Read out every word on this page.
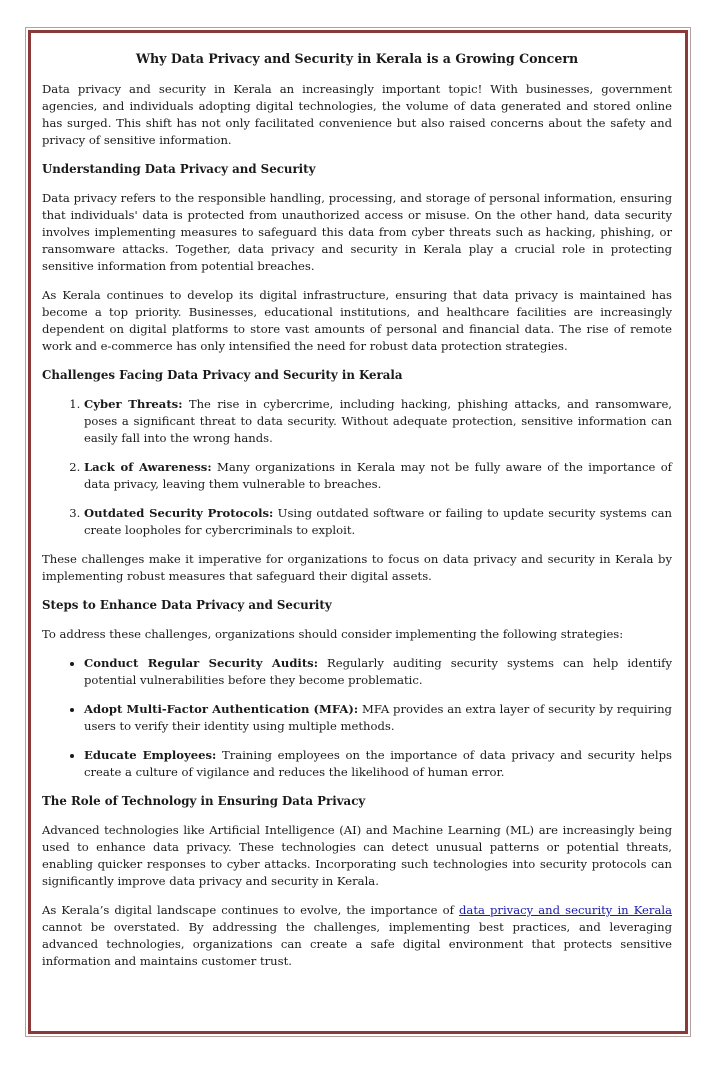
Why Data Privacy and Security in Kerala is a Growing Concern

Data privacy and security in Kerala an increasingly important topic! With businesses, government agencies, and individuals adopting digital technologies, the volume of data generated and stored online has surged. This shift has not only facilitated convenience but also raised concerns about the safety and privacy of sensitive information.

Understanding Data Privacy and Security

Data privacy refers to the responsible handling, processing, and storage of personal information, ensuring that individuals' data is protected from unauthorized access or misuse. On the other hand, data security involves implementing measures to safeguard this data from cyber threats such as hacking, phishing, or ransomware attacks. Together, data privacy and security in Kerala play a crucial role in protecting sensitive information from potential breaches.

As Kerala continues to develop its digital infrastructure, ensuring that data privacy is maintained has become a top priority. Businesses, educational institutions, and healthcare facilities are increasingly dependent on digital platforms to store vast amounts of personal and financial data. The rise of remote work and e-commerce has only intensified the need for robust data protection strategies.

Challenges Facing Data Privacy and Security in Kerala
1. Cyber Threats: The rise in cybercrime, including hacking, phishing attacks, and ransomware, poses a significant threat to data security. Without adequate protection, sensitive information can easily fall into the wrong hands.
2. Lack of Awareness: Many organizations in Kerala may not be fully aware of the importance of data privacy, leaving them vulnerable to breaches.
3. Outdated Security Protocols: Using outdated software or failing to update security systems can create loopholes for cybercriminals to exploit.

These challenges make it imperative for organizations to focus on data privacy and security in Kerala by implementing robust measures that safeguard their digital assets.

Steps to Enhance Data Privacy and Security

To address these challenges, organizations should consider implementing the following strategies:

• Conduct Regular Security Audits: Regularly auditing security systems can help identify potential vulnerabilities before they become problematic.
• Adopt Multi-Factor Authentication (MFA): MFA provides an extra layer of security by requiring users to verify their identity using multiple methods.
• Educate Employees: Training employees on the importance of data privacy and security helps create a culture of vigilance and reduces the likelihood of human error.
The Role of Technology in Ensuring Data Privacy

Advanced technologies like Artificial Intelligence (AI) and Machine Learning (ML) are increasingly being used to enhance data privacy. These technologies can detect unusual patterns or potential threats, enabling quicker responses to cyber attacks. Incorporating such technologies into security protocols can significantly improve data privacy and security in Kerala.

As Kerala’s digital landscape continues to evolve, the importance of data privacy and security in Kerala cannot be overstated. By addressing the challenges, implementing best practices, and leveraging advanced technologies, organizations can create a safe digital environment that protects sensitive information and maintains customer trust.
